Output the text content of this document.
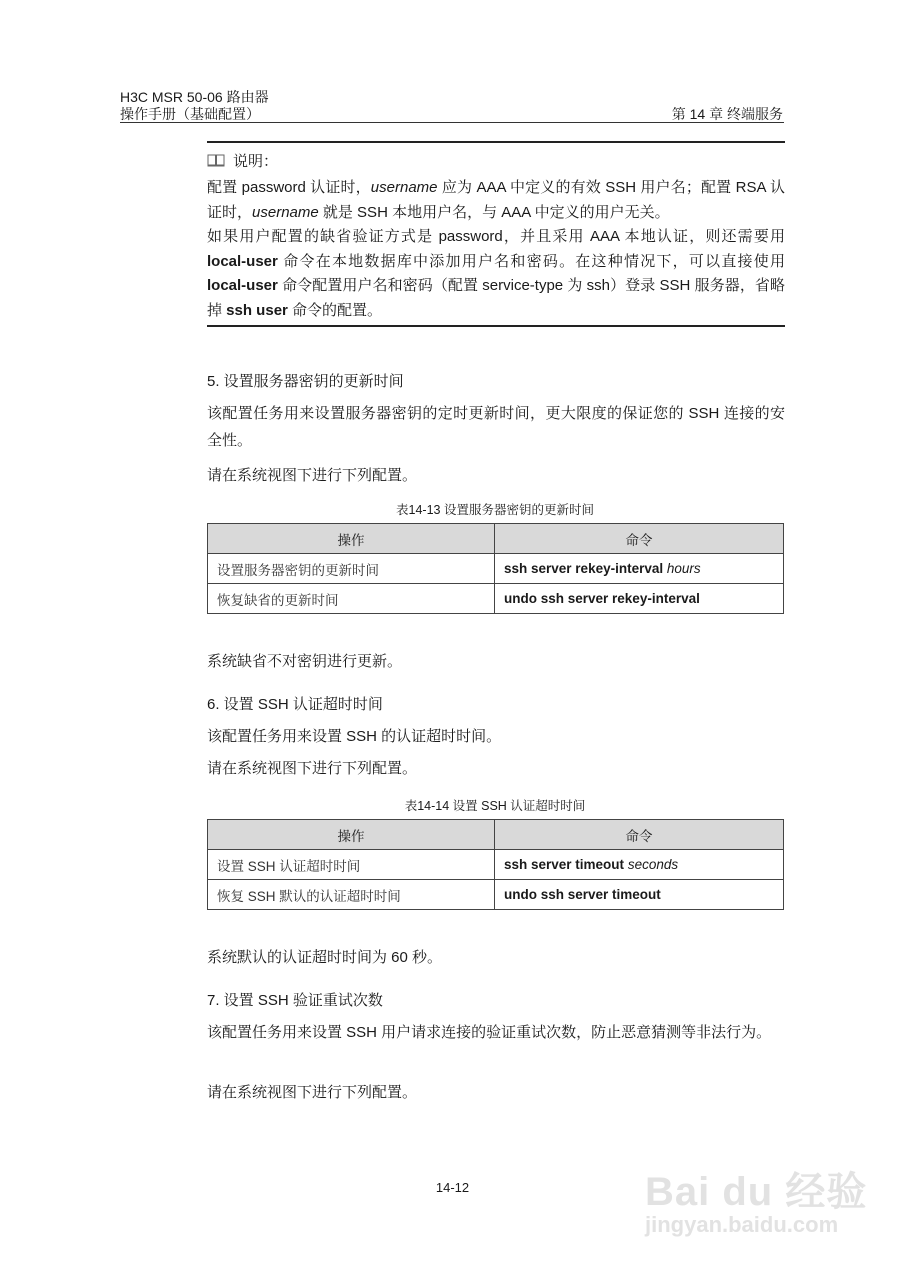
H3C MSR 50-06 路由器
操作手册（基础配置）	第 14 章 终端服务
说明：

配置 password 认证时，username 应为 AAA 中定义的有效 SSH 用户名；配置 RSA 认证时，username 就是 SSH 本地用户名，与 AAA 中定义的用户无关。

如果用户配置的缺省验证方式是 password，并且采用 AAA 本地认证，则还需要用 local-user 命令在本地数据库中添加用户名和密码。在这种情况下，可以直接使用 local-user 命令配置用户名和密码（配置 service-type 为 ssh）登录 SSH 服务器，省略掉 ssh user 命令的配置。

5. 设置服务器密钥的更新时间
该配置任务用来设置服务器密钥的定时更新时间，更大限度的保证您的 SSH 连接的安全性。
请在系统视图下进行下列配置。
表14-13 设置服务器密钥的更新时间
操作	命令
设置服务器密钥的更新时间	ssh server rekey-interval hours
恢复缺省的更新时间	undo ssh server rekey-interval
系统缺省不对密钥进行更新。
6. 设置 SSH 认证超时时间
该配置任务用来设置 SSH 的认证超时时间。
请在系统视图下进行下列配置。
表14-14 设置 SSH 认证超时时间
操作	命令
设置 SSH 认证超时时间	ssh server timeout seconds
恢复 SSH 默认的认证超时时间	undo ssh server timeout
系统默认的认证超时时间为 60 秒。
7. 设置 SSH 验证重试次数
该配置任务用来设置 SSH 用户请求连接的验证重试次数，防止恶意猜测等非法行为。
请在系统视图下进行下列配置。
14-12	Bai du 经验
jingyan.baidu.com
